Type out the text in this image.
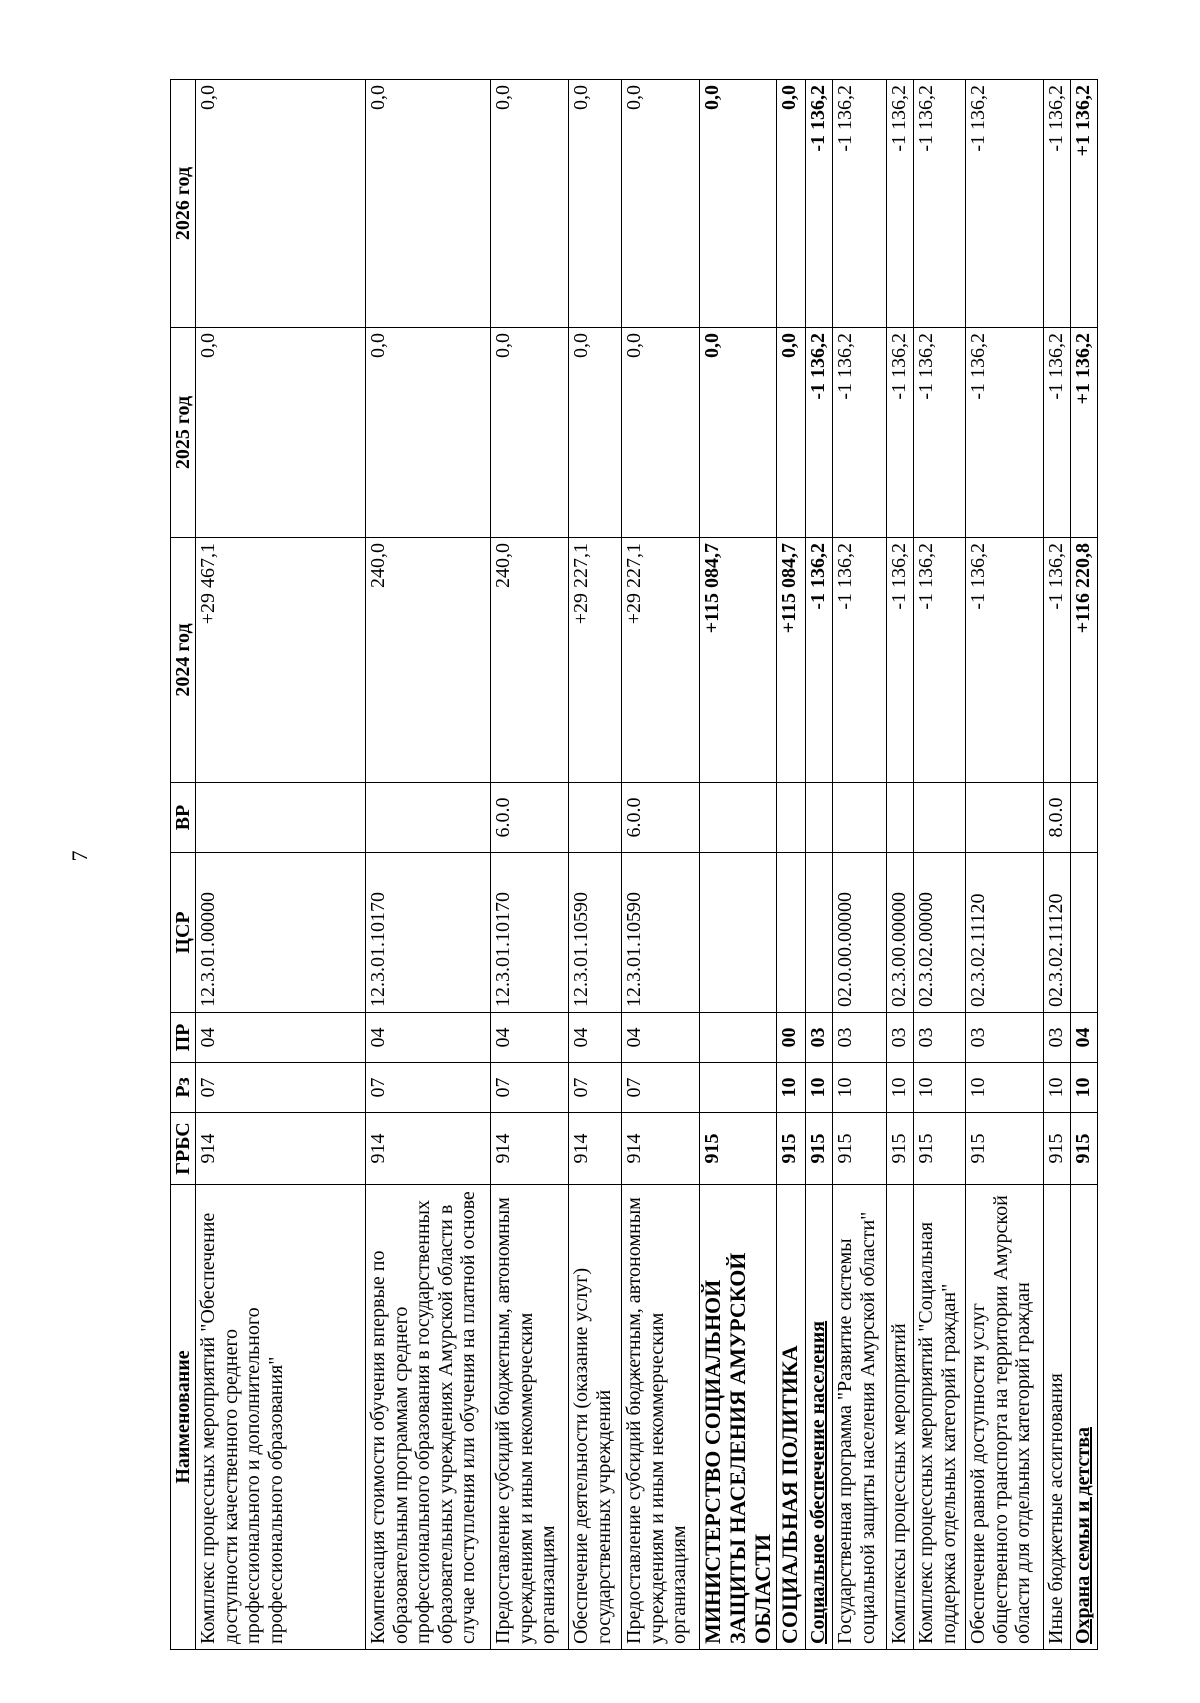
7
Наименование	ГРБС	Рз	ПР	ЦСР	ВР	2024 год	2025 год	2026 год
Комплекс процессных мероприятий "Обеспечение доступности качественного среднего профессионального и дополнительного профессионального образования"	914	07	04	12.3.01.00000		+29 467,1	0,0	0,0
Компенсация стоимости обучения впервые по образовательным программам среднего профессионального образования в государственных образовательных учреждениях Амурской области в случае поступления или обучения на платной основе	914	07	04	12.3.01.10170		240,0	0,0	0,0
Предоставление субсидий бюджетным, автономным учреждениям и иным некоммерческим организациям	914	07	04	12.3.01.10170	6.0.0	240,0	0,0	0,0
Обеспечение деятельности (оказание услуг) государственных учреждений	914	07	04	12.3.01.10590		+29 227,1	0,0	0,0
Предоставление субсидий бюджетным, автономным учреждениям и иным некоммерческим организациям	914	07	04	12.3.01.10590	6.0.0	+29 227,1	0,0	0,0
МИНИСТЕРСТВО СОЦИАЛЬНОЙ ЗАЩИТЫ НАСЕЛЕНИЯ АМУРСКОЙ ОБЛАСТИ	915					+115 084,7	0,0	0,0
СОЦИАЛЬНАЯ ПОЛИТИКА	915	10	00			+115 084,7	0,0	0,0
Социальное обеспечение населения	915	10	03			-1 136,2	-1 136,2	-1 136,2
Государственная программа "Развитие системы социальной защиты населения Амурской области"	915	10	03	02.0.00.00000		-1 136,2	-1 136,2	-1 136,2
Комплексы процессных мероприятий	915	10	03	02.3.00.00000		-1 136,2	-1 136,2	-1 136,2
Комплекс процессных мероприятий "Социальная поддержка отдельных категорий граждан"	915	10	03	02.3.02.00000		-1 136,2	-1 136,2	-1 136,2
Обеспечение равной доступности услуг общественного транспорта на территории Амурской области для отдельных категорий граждан	915	10	03	02.3.02.11120		-1 136,2	-1 136,2	-1 136,2
Иные бюджетные ассигнования	915	10	03	02.3.02.11120	8.0.0	-1 136,2	-1 136,2	-1 136,2
Охрана семьи и детства	915	10	04			+116 220,8	+1 136,2	+1 136,2
